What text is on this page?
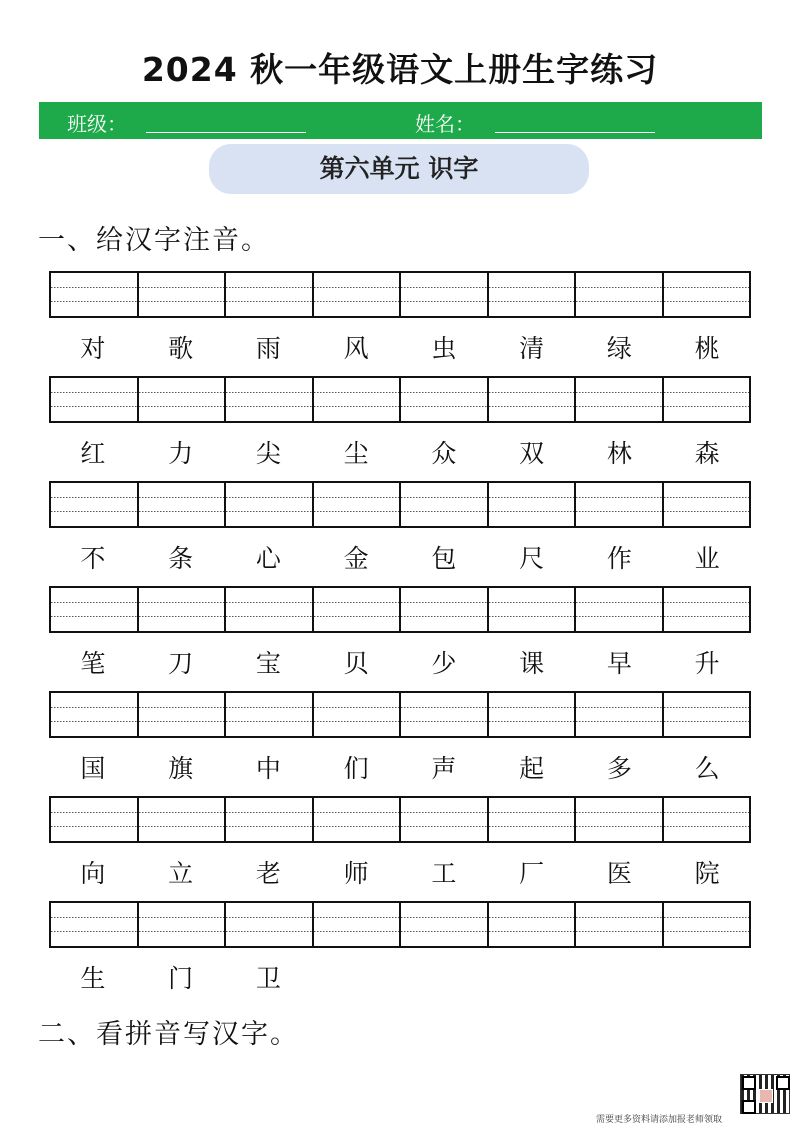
2024 秋一年级语文上册生字练习
班级：	姓名：
第六单元 识字
一、给汉字注音。
对	歌	雨	风	虫	清	绿	桃
红	力	尖	尘	众	双	林	森
不	条	心	金	包	尺	作	业
笔	刀	宝	贝	少	课	早	升
国	旗	中	们	声	起	多	么
向	立	老	师	工	厂	医	院
生	门	卫
二、看拼音写汉字。
需要更多资料请添加报老师领取
